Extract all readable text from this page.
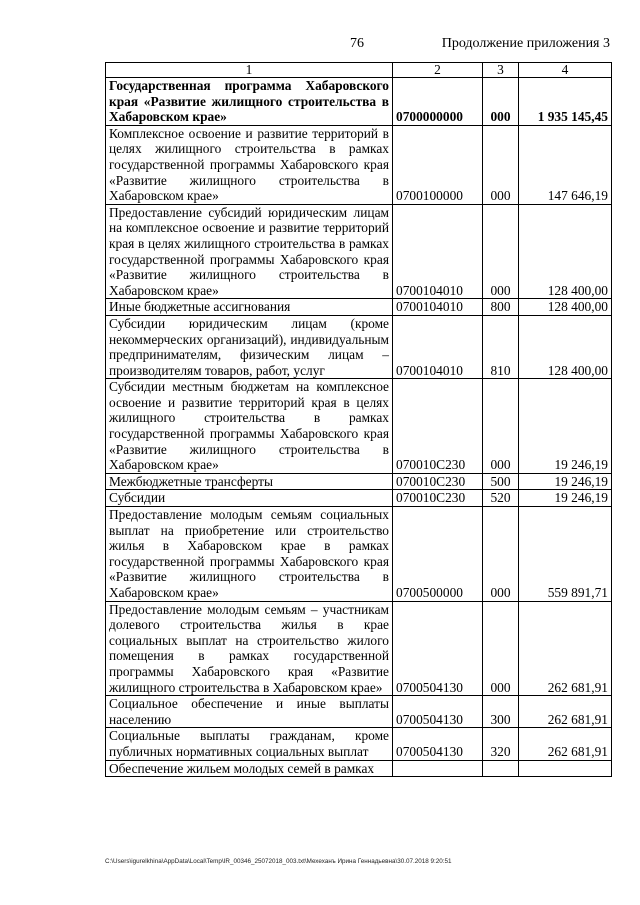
76	Продолжение приложения 3
1	2	3	4
Государственная программа Хабаровского края «Развитие жилищного строительства в Хабаровском крае»	0700000000	000	1 935 145,45
Комплексное освоение и развитие территорий в целях жилищного строительства в рамках государственной программы Хабаровского края «Развитие жилищного строительства в Хабаровском крае»	0700100000	000	147 646,19
Предоставление субсидий юридическим лицам на комплексное освоение и развитие территорий края в целях жилищного строительства в рамках государственной программы Хабаровского края «Развитие жилищного строительства в Хабаровском крае»	0700104010	000	128 400,00
Иные бюджетные ассигнования	0700104010	800	128 400,00
Субсидии юридическим лицам (кроме некоммерческих организаций), индивидуальным предпринимателям, физическим лицам – производителям товаров, работ, услуг	0700104010	810	128 400,00
Субсидии местным бюджетам на комплексное освоение и развитие территорий края в целях жилищного строительства в рамках государственной программы Хабаровского края «Развитие жилищного строительства в Хабаровском крае»	070010С230	000	19 246,19
Межбюджетные трансферты	070010С230	500	19 246,19
Субсидии	070010С230	520	19 246,19
Предоставление молодым семьям социальных выплат на приобретение или строительство жилья в Хабаровском крае в рамках государственной программы Хабаровского края «Развитие жилищного строительства в Хабаровском крае»	0700500000	000	559 891,71
Предоставление молодым семьям – участникам долевого строительства жилья в крае социальных выплат на строительство жилого помещения в рамках государственной программы Хабаровского края «Развитие жилищного строительства в Хабаровском крае»	0700504130	000	262 681,91
Социальное обеспечение и иные выплаты населению	0700504130	300	262 681,91
Социальные выплаты гражданам, кроме публичных нормативных социальных выплат	0700504130	320	262 681,91
Обеспечение жильем молодых семей в рамках			
C:\Users\igurelkhina\AppData\Local\Temp\IR_00346_25072018_003.txt\Мехеханъ Ирина Геннадьевна\30.07.2018 9:20:51
